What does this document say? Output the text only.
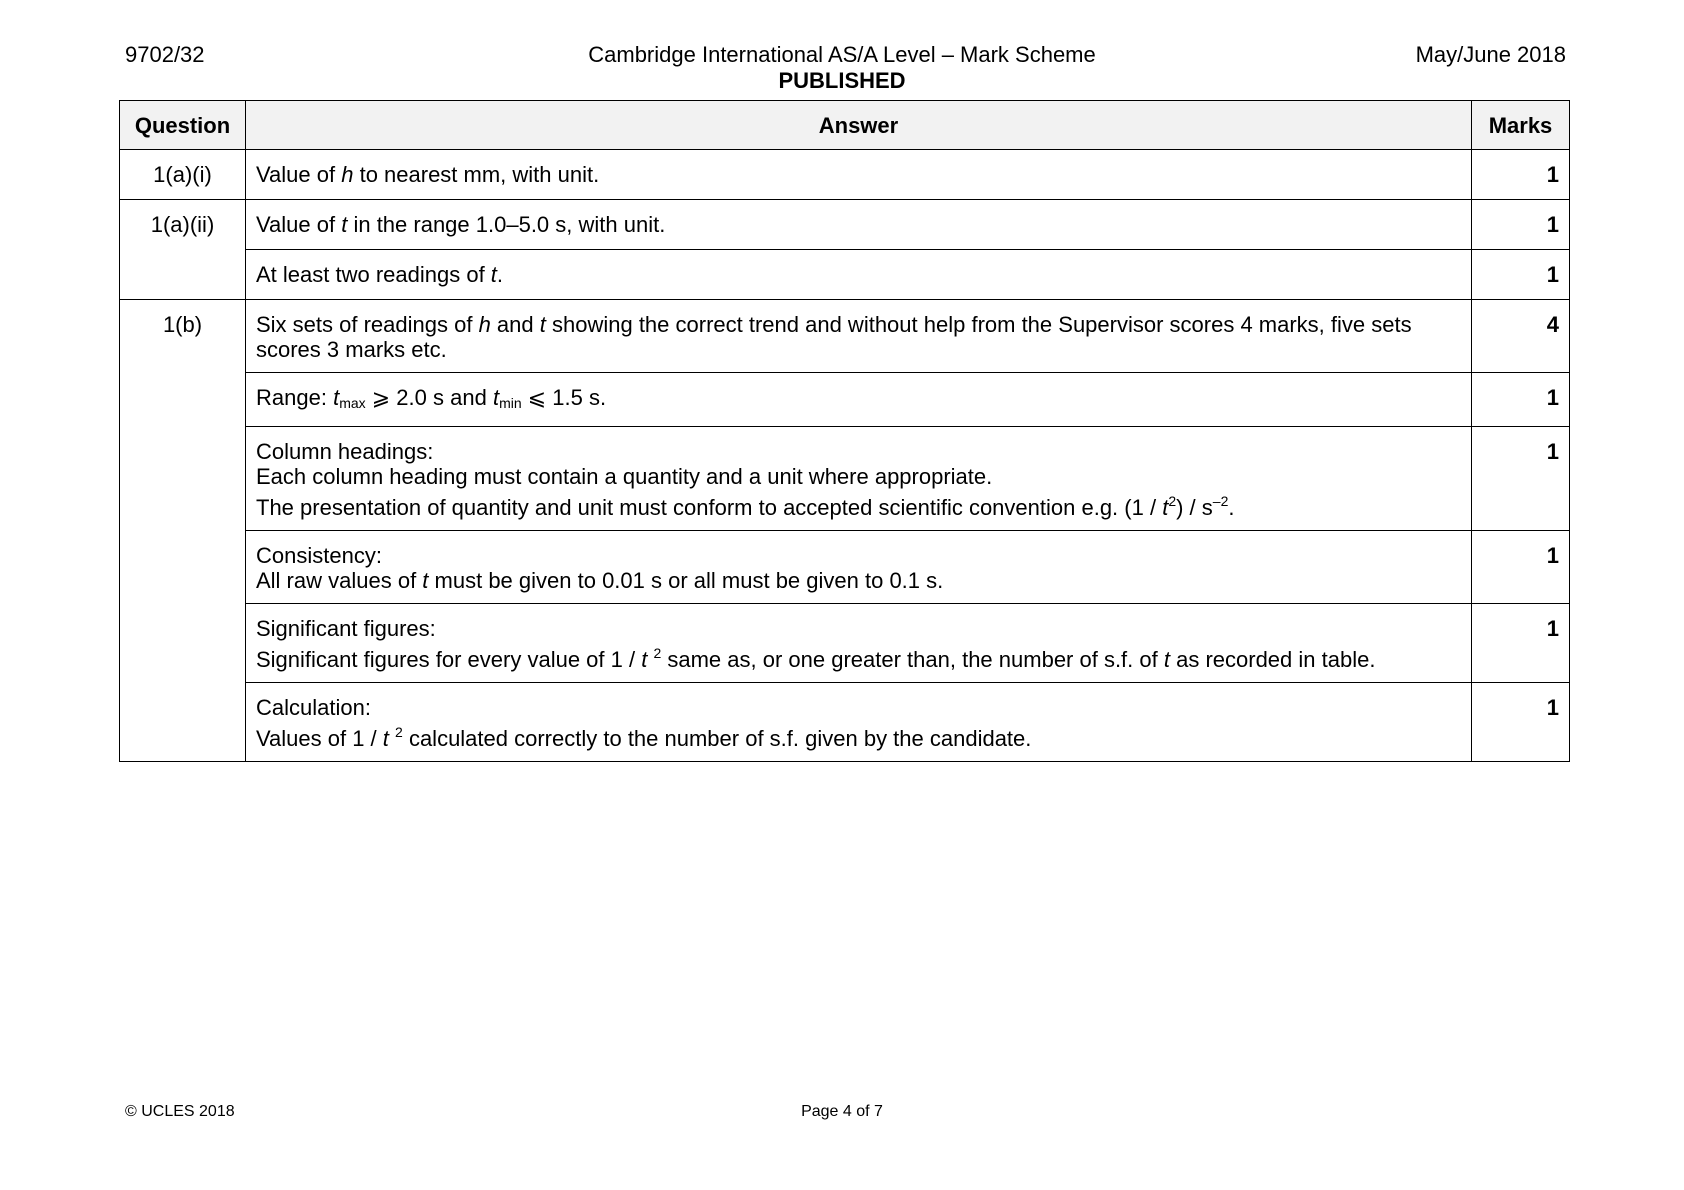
9702/32	Cambridge International AS/A Level – Mark Scheme
PUBLISHED
May/June 2018
Question	Answer	Marks
1(a)(i)	Value of h to nearest mm, with unit.	1
1(a)(ii)	Value of t in the range 1.0–5.0 s, with unit.	1
	At least two readings of t.	1
1(b)	Six sets of readings of h and t showing the correct trend and without help from the Supervisor scores 4 marks, five sets scores 3 marks etc.	4
	Range: $t_{max}$ ⩾ 2.0 s and $t_{min}$ ⩽ 1.5 s.	1
	Column headings:
Each column heading must contain a quantity and a unit where appropriate.
The presentation of quantity and unit must conform to accepted scientific convention e.g. $(1 / t^2) / s^{-2}$.	1
	Consistency:
All raw values of t must be given to 0.01 s or all must be given to 0.1 s.	1
	Significant figures:
Significant figures for every value of 1 / t $^2$ same as, or one greater than, the number of s.f. of t as recorded in table.	1
	Calculation:
Values of 1 / t $^2$ calculated correctly to the number of s.f. given by the candidate.	1
© UCLES 2018	Page 4 of 7
